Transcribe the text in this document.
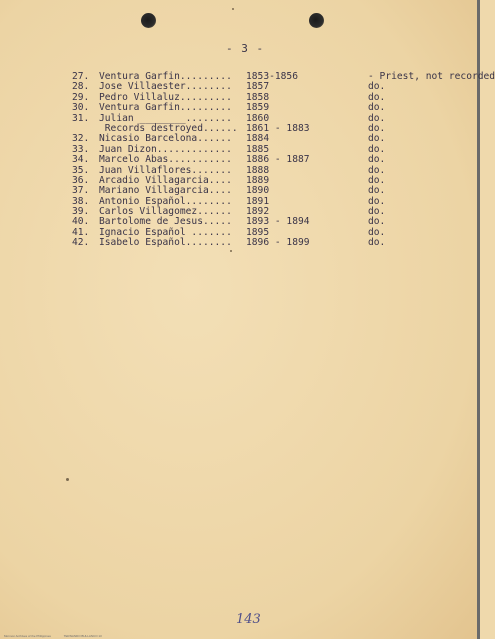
- 3 -
27.	Ventura Garfin......... 1853-1856	- Priest, not recorded
28.	Jose Villaester........ 1857	do.
29.	Pedro Villaluz......... 1858	do.
30.	Ventura Garfin......... 1859	do.
31.	Julian ________........ 1860	do.
Records destroyed...... 1861 - 1883	do.
32.	Nicasio Barcelona...... 1884	do.
33.	Juan Dizon............. 1885	do.
34.	Marcelo Abas........... 1886 - 1887	do.
35.	Juan Villaflores....... 1888	do.
36.	Arcadio Villagarcia.... 1889	do.
37.	Mariano Villagarcia.... 1890	do.
38.	Antonio Español........ 1891	do.
39.	Carlos Villagomez...... 1892	do.
40.	Bartolome de Jesus..... 1893 - 1894	do.
41.	Ignacio Español ....... 1895	do.
42.	Isabelo Español........ 1896 - 1899	do.
143
Mormon Archives of the Philippines	TERNANDO BULLANCO 13
